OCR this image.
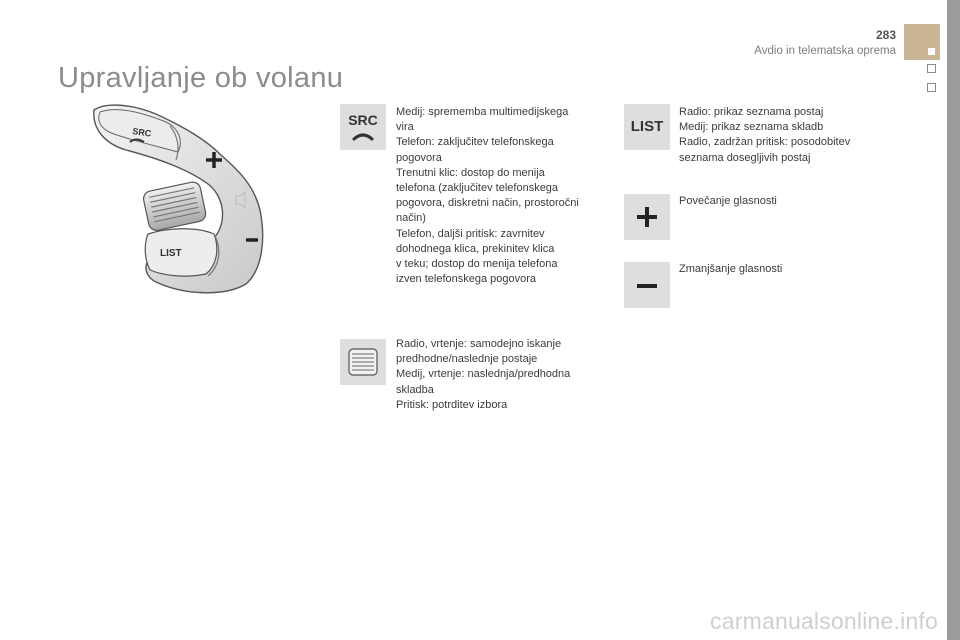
283
Avdio in telematska oprema
Upravljanje ob volanu
SRC
LIST
SRC	Medij: sprememba multimedijskega

vira

Telefon: zaključitev telefonskega

pogovora

Trenutni klic: dostop do menija

telefona (zaključitev telefonskega

pogovora, diskretni način, prostoročni

način)

Telefon, daljši pritisk: zavrnitev

dohodnega klica, prekinitev klica

v teku; dostop do menija telefona

izven telefonskega pogovora

Radio, vrtenje: samodejno iskanje

predhodne/naslednje postaje

Medij, vrtenje: naslednja/predhodna

skladba

Pritisk: potrditev izbora

LIST

Radio: prikaz seznama postaj

Medij: prikaz seznama skladb

Radio, zadržan pritisk: posodobitev

seznama dosegljivih postaj

Povečanje glasnosti

Zmanjšanje glasnosti

carmanualsonline.info
